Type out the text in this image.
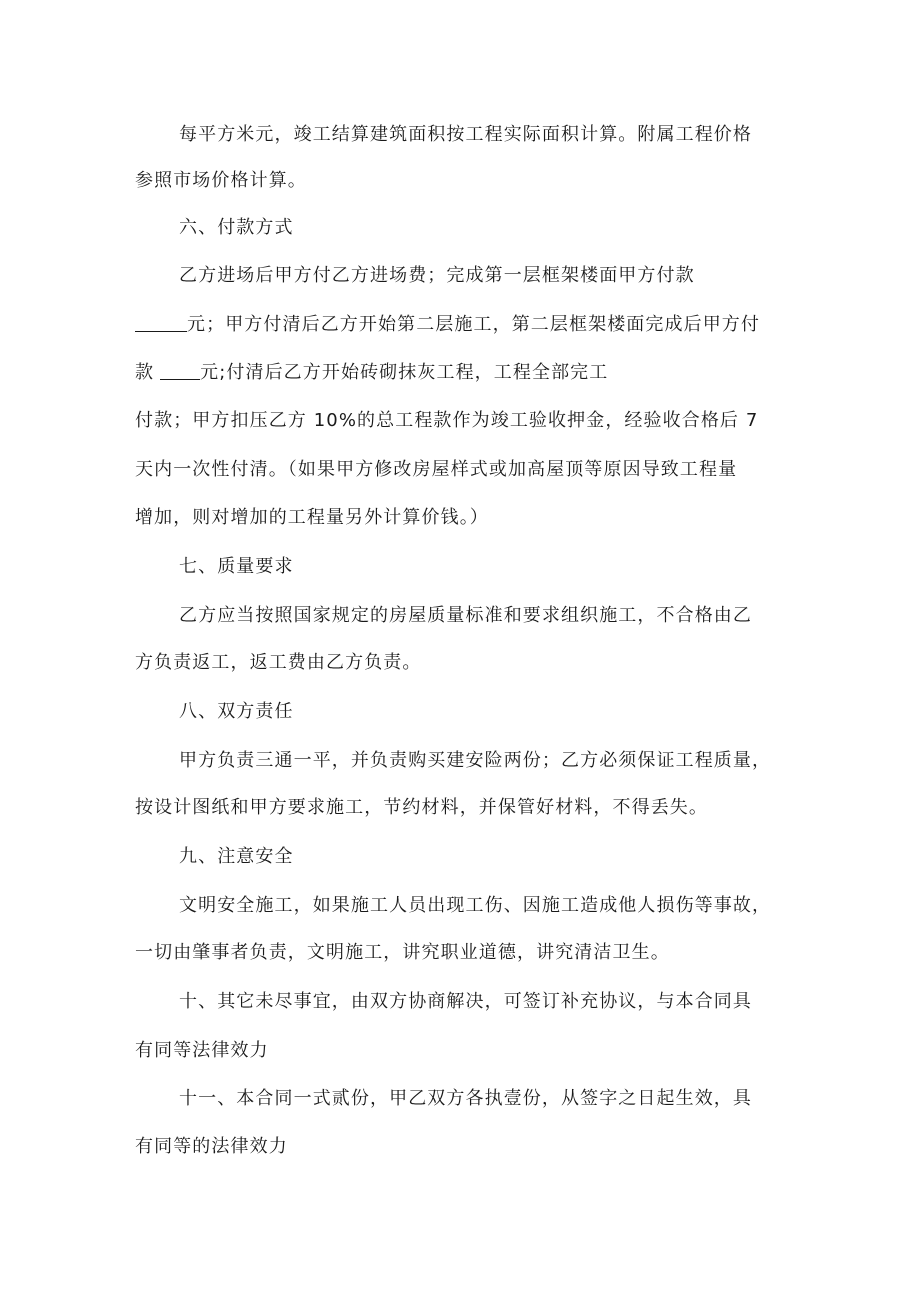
每平方米元，竣工结算建筑面积按工程实际面积计算。附属工程价格
参照市场价格计算。
六、付款方式
乙方进场后甲方付乙方进场费；完成第一层框架楼面甲方付款
元；甲方付清后乙方开始第二层施工，第二层框架楼面完成后甲方付
款	元;付清后乙方开始砖砌抹灰工程，工程全部完工
付款；甲方扣压乙方 10%的总工程款作为竣工验收押金，经验收合格后 7
天内一次性付清。（如果甲方修改房屋样式或加高屋顶等原因导致工程量
增加，则对增加的工程量另外计算价钱。）
七、质量要求
乙方应当按照国家规定的房屋质量标准和要求组织施工，不合格由乙
方负责返工，返工费由乙方负责。
八、双方责任
甲方负责三通一平，并负责购买建安险两份；乙方必须保证工程质量，
按设计图纸和甲方要求施工，节约材料，并保管好材料，不得丢失。
九、注意安全
文明安全施工，如果施工人员出现工伤、因施工造成他人损伤等事故，
一切由肇事者负责，文明施工，讲究职业道德，讲究清洁卫生。
十、其它未尽事宜，由双方协商解决，可签订补充协议，与本合同具
有同等法律效力
十一、本合同一式贰份，甲乙双方各执壹份，从签字之日起生效，具
有同等的法律效力
